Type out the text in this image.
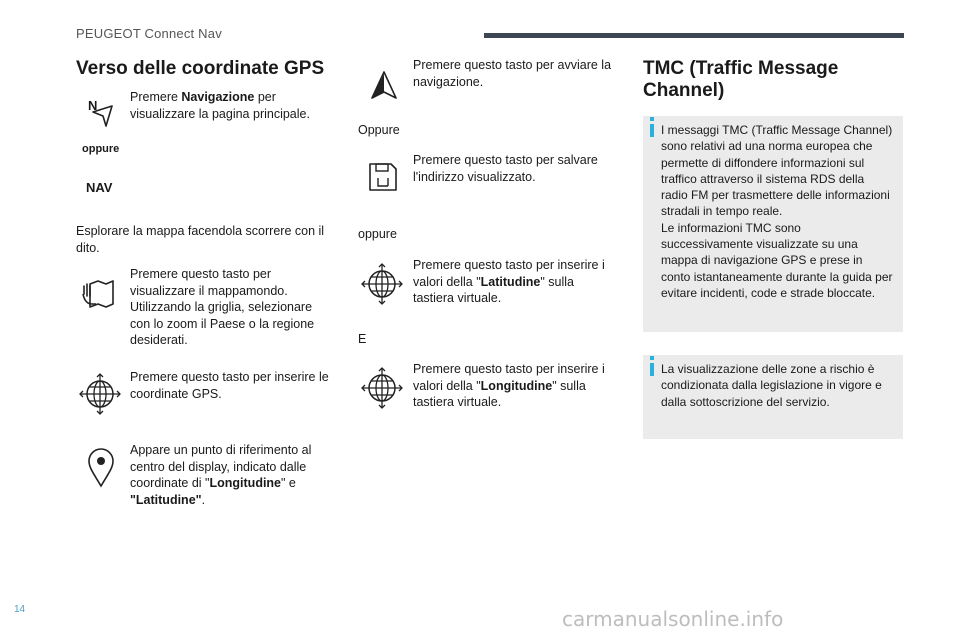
PEUGEOT Connect Nav
Verso delle coordinate GPS
N
Premere Navigazione per visualizzare la pagina principale.
oppure
NAV
Esplorare la mappa facendola scorrere con il dito.
Premere questo tasto per visualizzare il mappamondo. Utilizzando la griglia, selezionare con lo zoom il Paese o la regione desiderati.
Premere questo tasto per inserire le coordinate GPS.
Appare un punto di riferimento al centro del display, indicato dalle coordinate di "Longitudine" e "Latitudine".
Premere questo tasto per avviare la navigazione.
Oppure
Premere questo tasto per salvare l'indirizzo visualizzato.
oppure
Premere questo tasto per inserire i valori della "Latitudine" sulla tastiera virtuale.
E
Premere questo tasto per inserire i valori della "Longitudine" sulla tastiera virtuale.
TMC (Traffic Message Channel)
I messaggi TMC (Traffic Message Channel) sono relativi ad una norma europea che permette di diffondere informazioni sul traffico attraverso il sistema RDS della radio FM per trasmettere delle informazioni stradali in tempo reale.
Le informazioni TMC sono successivamente visualizzate su una mappa di navigazione GPS e prese in conto istantaneamente durante la guida per evitare incidenti, code e strade bloccate.
La visualizzazione delle zone a rischio è condizionata dalla legislazione in vigore e dalla sottoscrizione del servizio.
14	carmanualsonline.info
